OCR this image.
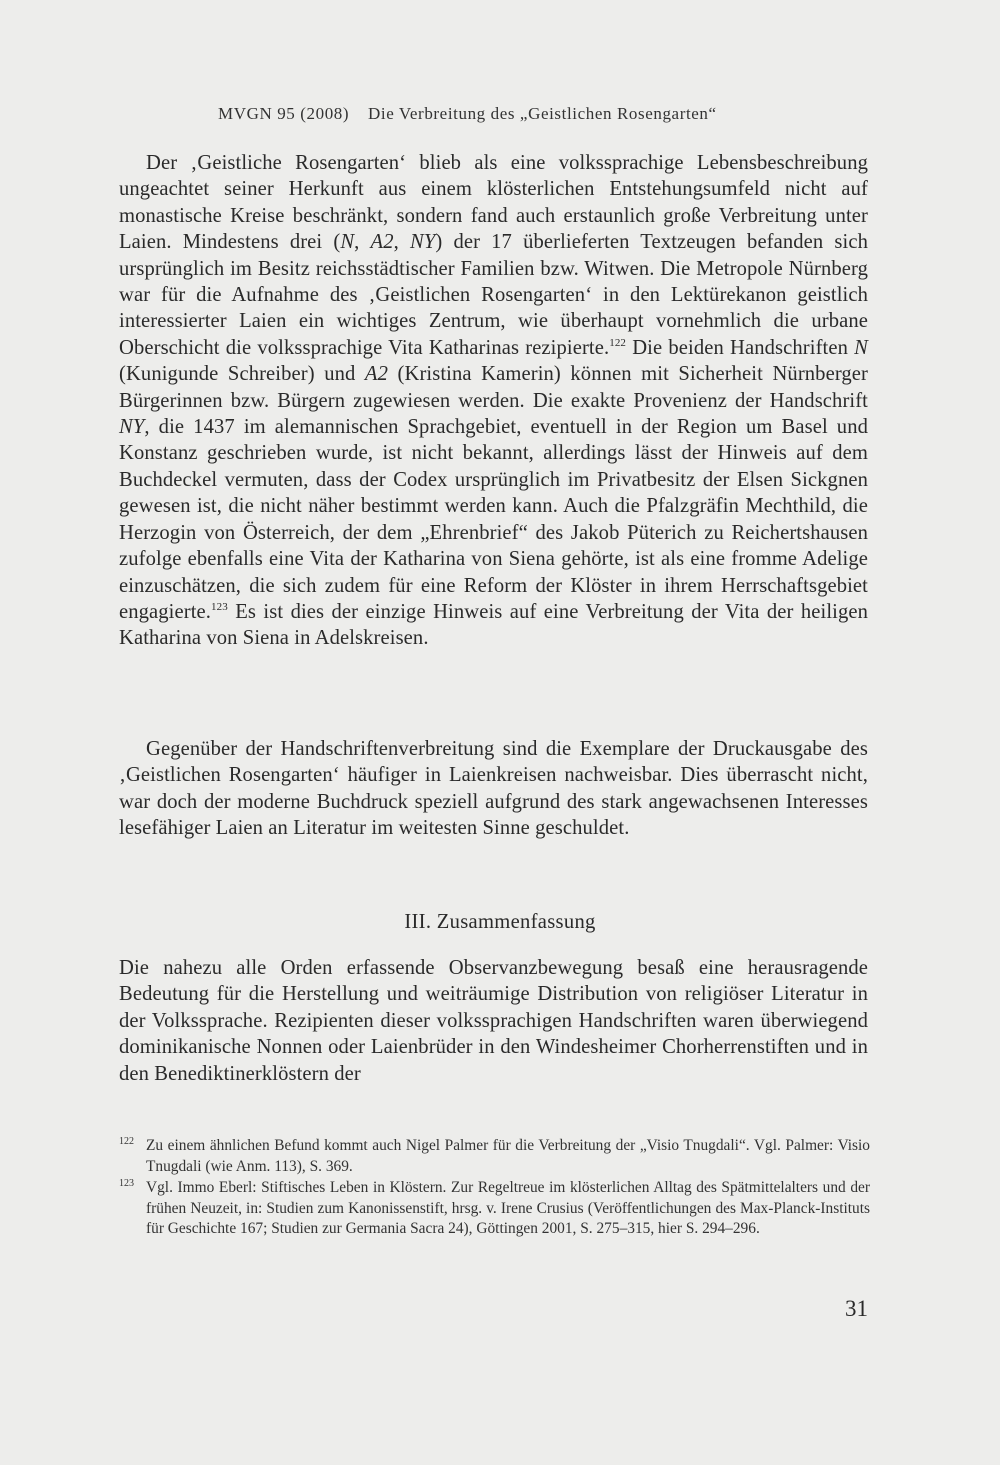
MVGN 95 (2008) Die Verbreitung des „Geistlichen Rosengarten“
Der ‚Geistliche Rosengarten‘ blieb als eine volkssprachige Lebensbeschreibung ungeachtet seiner Herkunft aus einem klösterlichen Entstehungsumfeld nicht auf monastische Kreise beschränkt, sondern fand auch erstaunlich große Verbreitung unter Laien. Mindestens drei (N, A2, NY) der 17 überlieferten Textzeugen befanden sich ursprünglich im Besitz reichsstädtischer Familien bzw. Witwen. Die Metropole Nürnberg war für die Aufnahme des ‚Geistlichen Rosengarten‘ in den Lektürekanon geistlich interessierter Laien ein wichtiges Zentrum, wie überhaupt vornehmlich die urbane Oberschicht die volkssprachige Vita Katharinas rezipierte.$^{122}$ Die beiden Handschriften N (Kunigunde Schreiber) und A2 (Kristina Kamerin) können mit Sicherheit Nürnberger Bürgerinnen bzw. Bürgern zugewiesen werden. Die exakte Provenienz der Handschrift NY, die 1437 im alemannischen Sprachgebiet, eventuell in der Region um Basel und Konstanz geschrieben wurde, ist nicht bekannt, allerdings lässt der Hinweis auf dem Buchdeckel vermuten, dass der Codex ursprünglich im Privatbesitz der Elsen Sickgnen gewesen ist, die nicht näher bestimmt werden kann. Auch die Pfalzgräfin Mechthild, die Herzogin von Österreich, der dem „Ehrenbrief“ des Jakob Püterich zu Reichertshausen zufolge ebenfalls eine Vita der Katharina von Siena gehörte, ist als eine fromme Adelige einzuschätzen, die sich zudem für eine Reform der Klöster in ihrem Herrschaftsgebiet engagierte.$^{123}$ Es ist dies der einzige Hinweis auf eine Verbreitung der Vita der heiligen Katharina von Siena in Adelskreisen.
Gegenüber der Handschriftenverbreitung sind die Exemplare der Druckausgabe des ‚Geistlichen Rosengarten‘ häufiger in Laienkreisen nachweisbar. Dies überrascht nicht, war doch der moderne Buchdruck speziell aufgrund des stark angewachsenen Interesses lesefähiger Laien an Literatur im weitesten Sinne geschuldet.
III. Zusammenfassung
Die nahezu alle Orden erfassende Observanzbewegung besaß eine herausragende Bedeutung für die Herstellung und weiträumige Distribution von religiöser Literatur in der Volkssprache. Rezipienten dieser volkssprachigen Handschriften waren überwiegend dominikanische Nonnen oder Laienbrüder in den Windesheimer Chorherrenstiften und in den Benediktinerklöstern der
122 Zu einem ähnlichen Befund kommt auch Nigel Palmer für die Verbreitung der „Visio Tnugdali“. Vgl. Palmer: Visio Tnugdali (wie Anm. 113), S. 369.
123 Vgl. Immo Eberl: Stiftisches Leben in Klöstern. Zur Regeltreue im klösterlichen Alltag des Spätmittelalters und der frühen Neuzeit, in: Studien zum Kanonissenstift, hrsg. v. Irene Crusius (Veröffentlichungen des Max-Planck-Instituts für Geschichte 167; Studien zur Germania Sacra 24), Göttingen 2001, S. 275–315, hier S. 294–296.
31
